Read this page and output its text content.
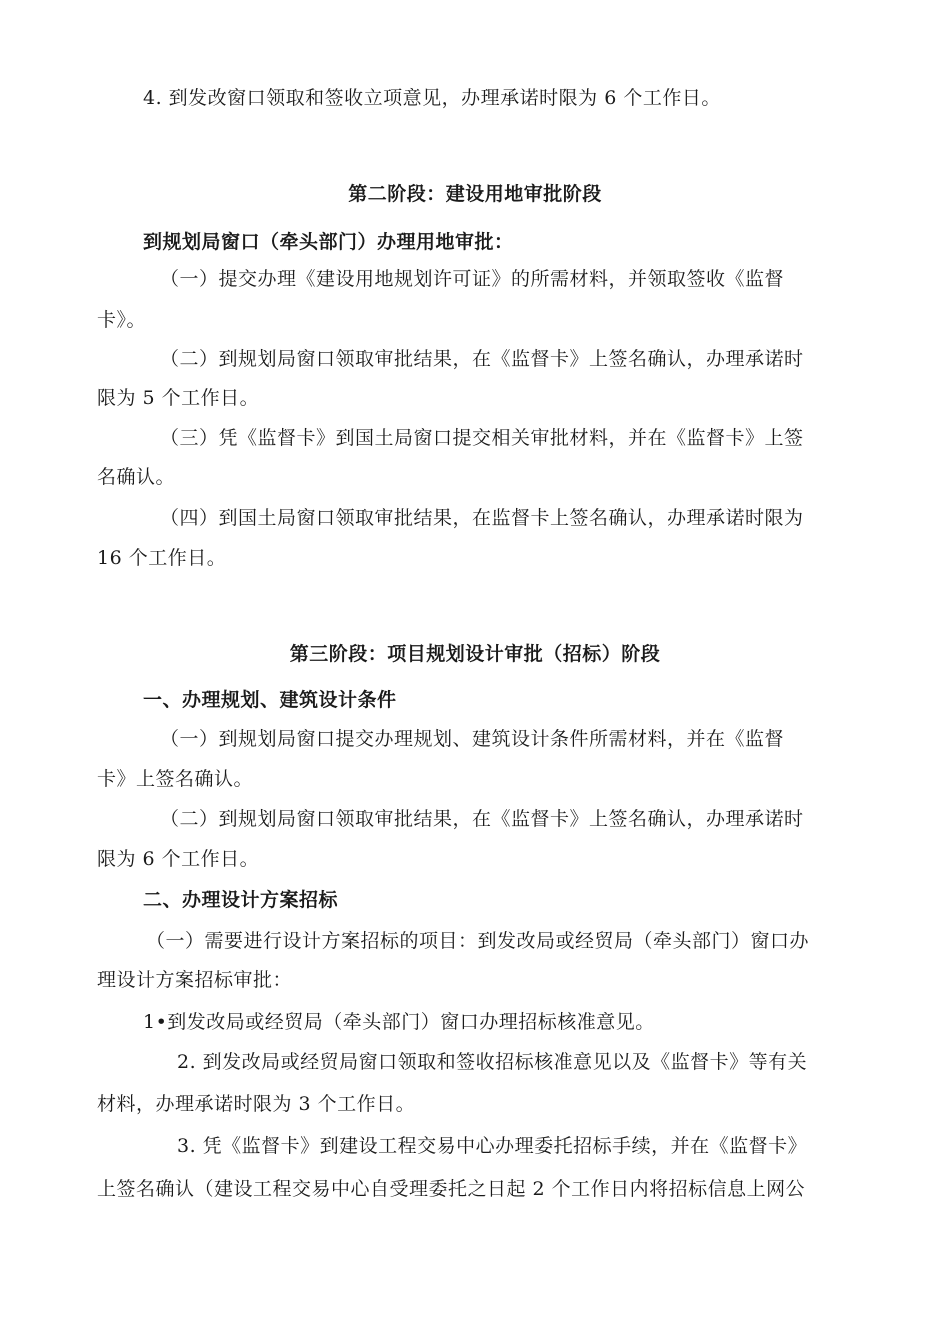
4. 到发改窗口领取和签收立项意见，办理承诺时限为 6 个工作日。
第二阶段：建设用地审批阶段
到规划局窗口（牵头部门）办理用地审批：
（一）提交办理《建设用地规划许可证》的所需材料，并领取签收《监督
卡》。
（二）到规划局窗口领取审批结果，在《监督卡》上签名确认，办理承诺时
限为 5 个工作日。
（三）凭《监督卡》到国土局窗口提交相关审批材料，并在《监督卡》上签
名确认。
（四）到国土局窗口领取审批结果，在监督卡上签名确认，办理承诺时限为
16 个工作日。
第三阶段：项目规划设计审批（招标）阶段
一、办理规划、建筑设计条件
（一）到规划局窗口提交办理规划、建筑设计条件所需材料，并在《监督
卡》上签名确认。
（二）到规划局窗口领取审批结果，在《监督卡》上签名确认，办理承诺时
限为 6 个工作日。
二、办理设计方案招标
（一）需要进行设计方案招标的项目：到发改局或经贸局（牵头部门）窗口办
理设计方案招标审批：
1•到发改局或经贸局（牵头部门）窗口办理招标核准意见。
2. 到发改局或经贸局窗口领取和签收招标核准意见以及《监督卡》等有关
材料，办理承诺时限为 3 个工作日。
3. 凭《监督卡》到建设工程交易中心办理委托招标手续，并在《监督卡》
上签名确认（建设工程交易中心自受理委托之日起 2 个工作日内将招标信息上网公
